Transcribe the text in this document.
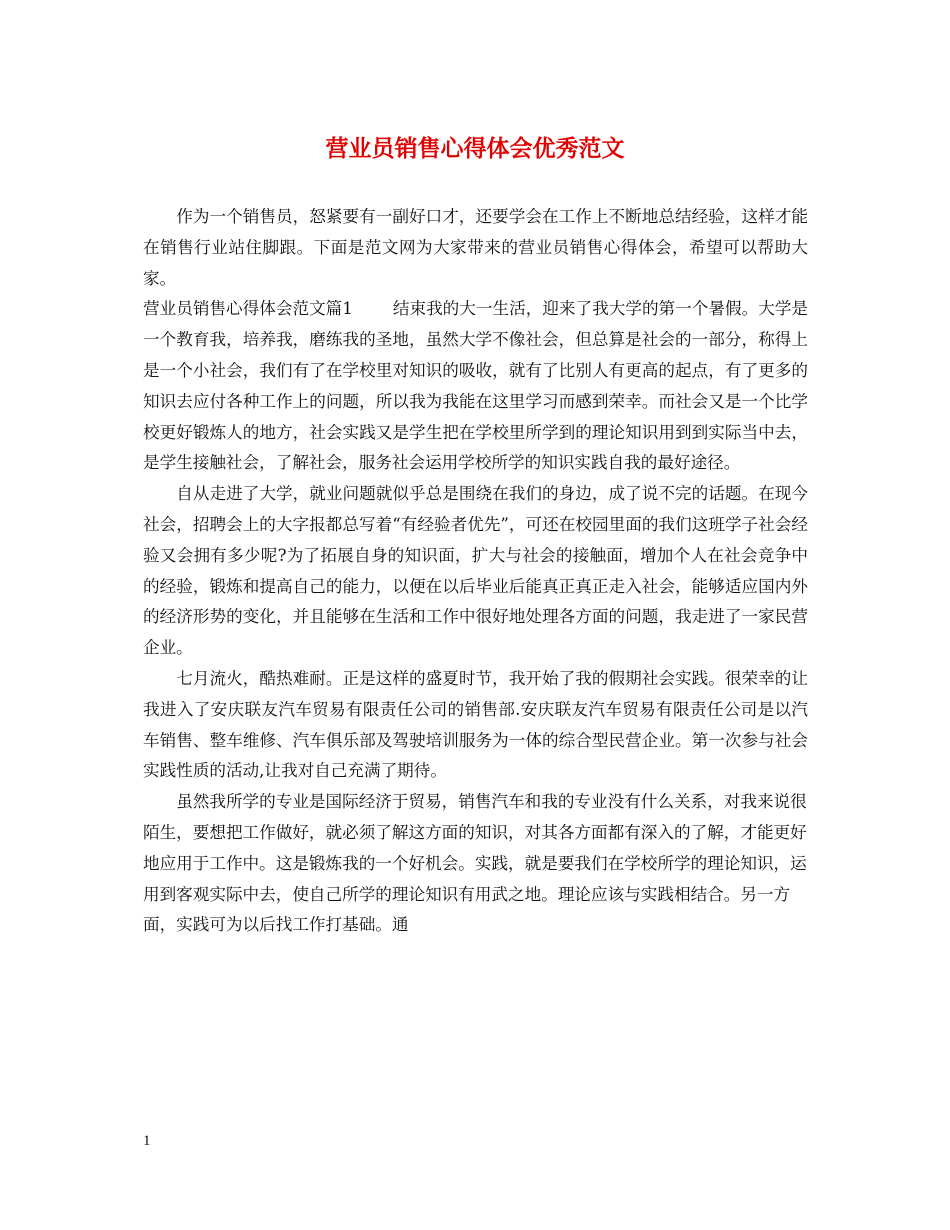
营业员销售心得体会优秀范文

作为一个销售员，怒紧要有一副好口才，还要学会在工作上不断地总结经验，这样才能在销售行业站住脚跟。下面是范文网为大家带来的营业员销售心得体会，希望可以帮助大家。

营业员销售心得体会范文篇1 结束我的大一生活，迎来了我大学的第一个暑假。大学是一个教育我，培养我，磨练我的圣地，虽然大学不像社会，但总算是社会的一部分，称得上是一个小社会，我们有了在学校里对知识的吸收，就有了比别人有更高的起点，有了更多的知识去应付各种工作上的问题，所以我为我能在这里学习而感到荣幸。而社会又是一个比学校更好锻炼人的地方，社会实践又是学生把在学校里所学到的理论知识用到到实际当中去，是学生接触社会，了解社会，服务社会运用学校所学的知识实践自我的最好途径。

自从走进了大学，就业问题就似乎总是围绕在我们的身边，成了说不完的话题。在现今社会，招聘会上的大字报都总写着“有经验者优先”，可还在校园里面的我们这班学子社会经验又会拥有多少呢?为了拓展自身的知识面，扩大与社会的接触面，增加个人在社会竞争中的经验，锻炼和提高自己的能力，以便在以后毕业后能真正真正走入社会，能够适应国内外的经济形势的变化，并且能够在生活和工作中很好地处理各方面的问题，我走进了一家民营企业。

七月流火，酷热难耐。正是这样的盛夏时节，我开始了我的假期社会实践。很荣幸的让我进入了安庆联友汽车贸易有限责任公司的销售部.安庆联友汽车贸易有限责任公司是以汽车销售、整车维修、汽车俱乐部及驾驶培训服务为一体的综合型民营企业。第一次参与社会实践性质的活动,让我对自己充满了期待。

虽然我所学的专业是国际经济于贸易，销售汽车和我的专业没有什么关系，对我来说很陌生，要想把工作做好，就必须了解这方面的知识，对其各方面都有深入的了解，才能更好地应用于工作中。这是锻炼我的一个好机会。实践，就是要我们在学校所学的理论知识，运用到客观实际中去，使自己所学的理论知识有用武之地。理论应该与实践相结合。另一方面，实践可为以后找工作打基础。通

1
